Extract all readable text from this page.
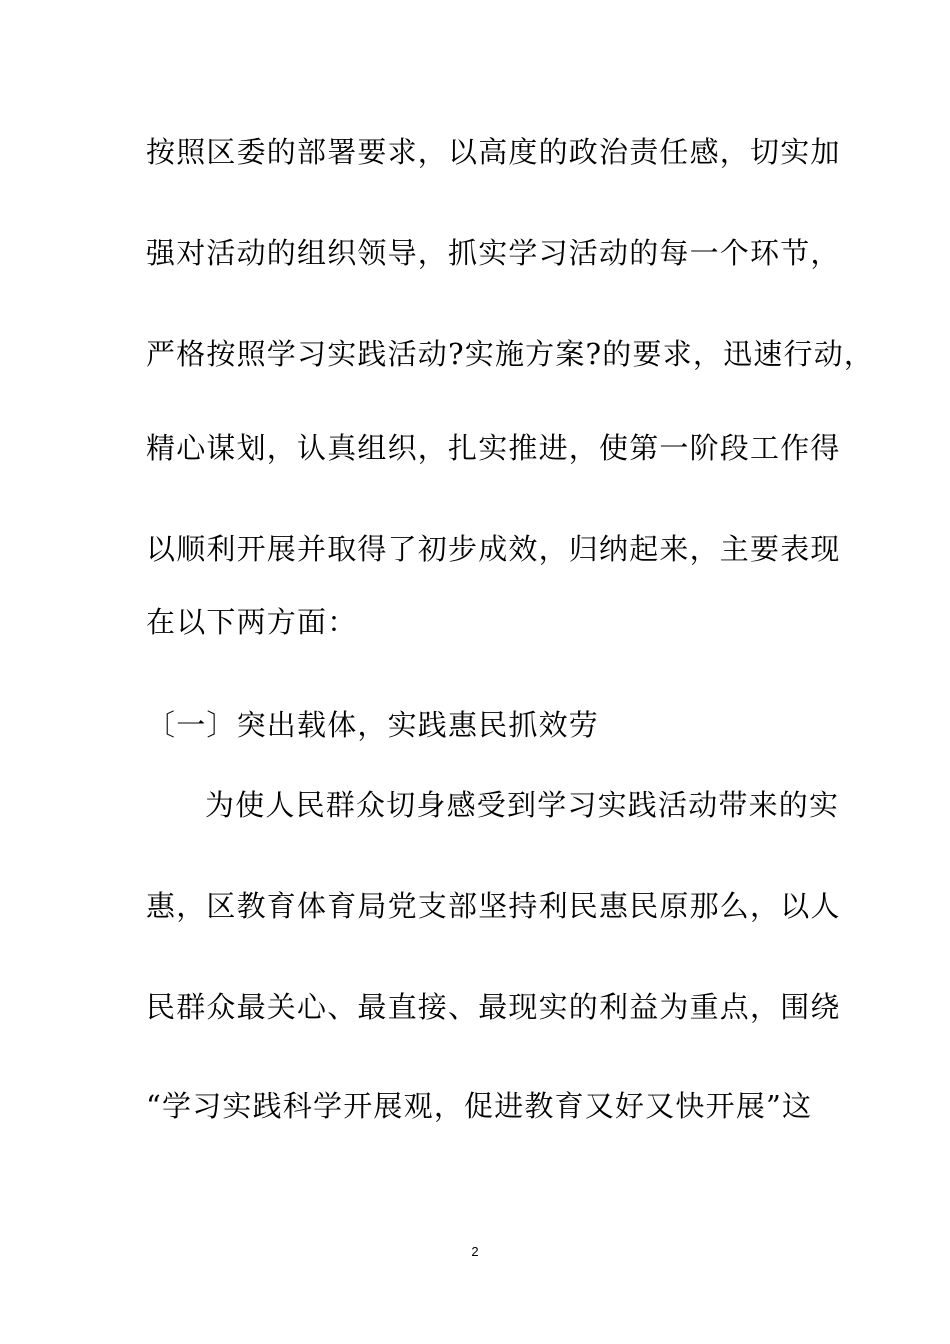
按照区委的部署要求，以高度的政治责任感，切实加
强对活动的组织领导，抓实学习活动的每一个环节，
严格按照学习实践活动?实施方案?的要求，迅速行动，
精心谋划，认真组织，扎实推进，使第一阶段工作得
以顺利开展并取得了初步成效，归纳起来，主要表现
在以下两方面：
〔一〕突出载体，实践惠民抓效劳
为使人民群众切身感受到学习实践活动带来的实
惠，区教育体育局党支部坚持利民惠民原那么，以人
民群众最关心、最直接、最现实的利益为重点，围绕
“学习实践科学开展观，促进教育又好又快开展”这
2
